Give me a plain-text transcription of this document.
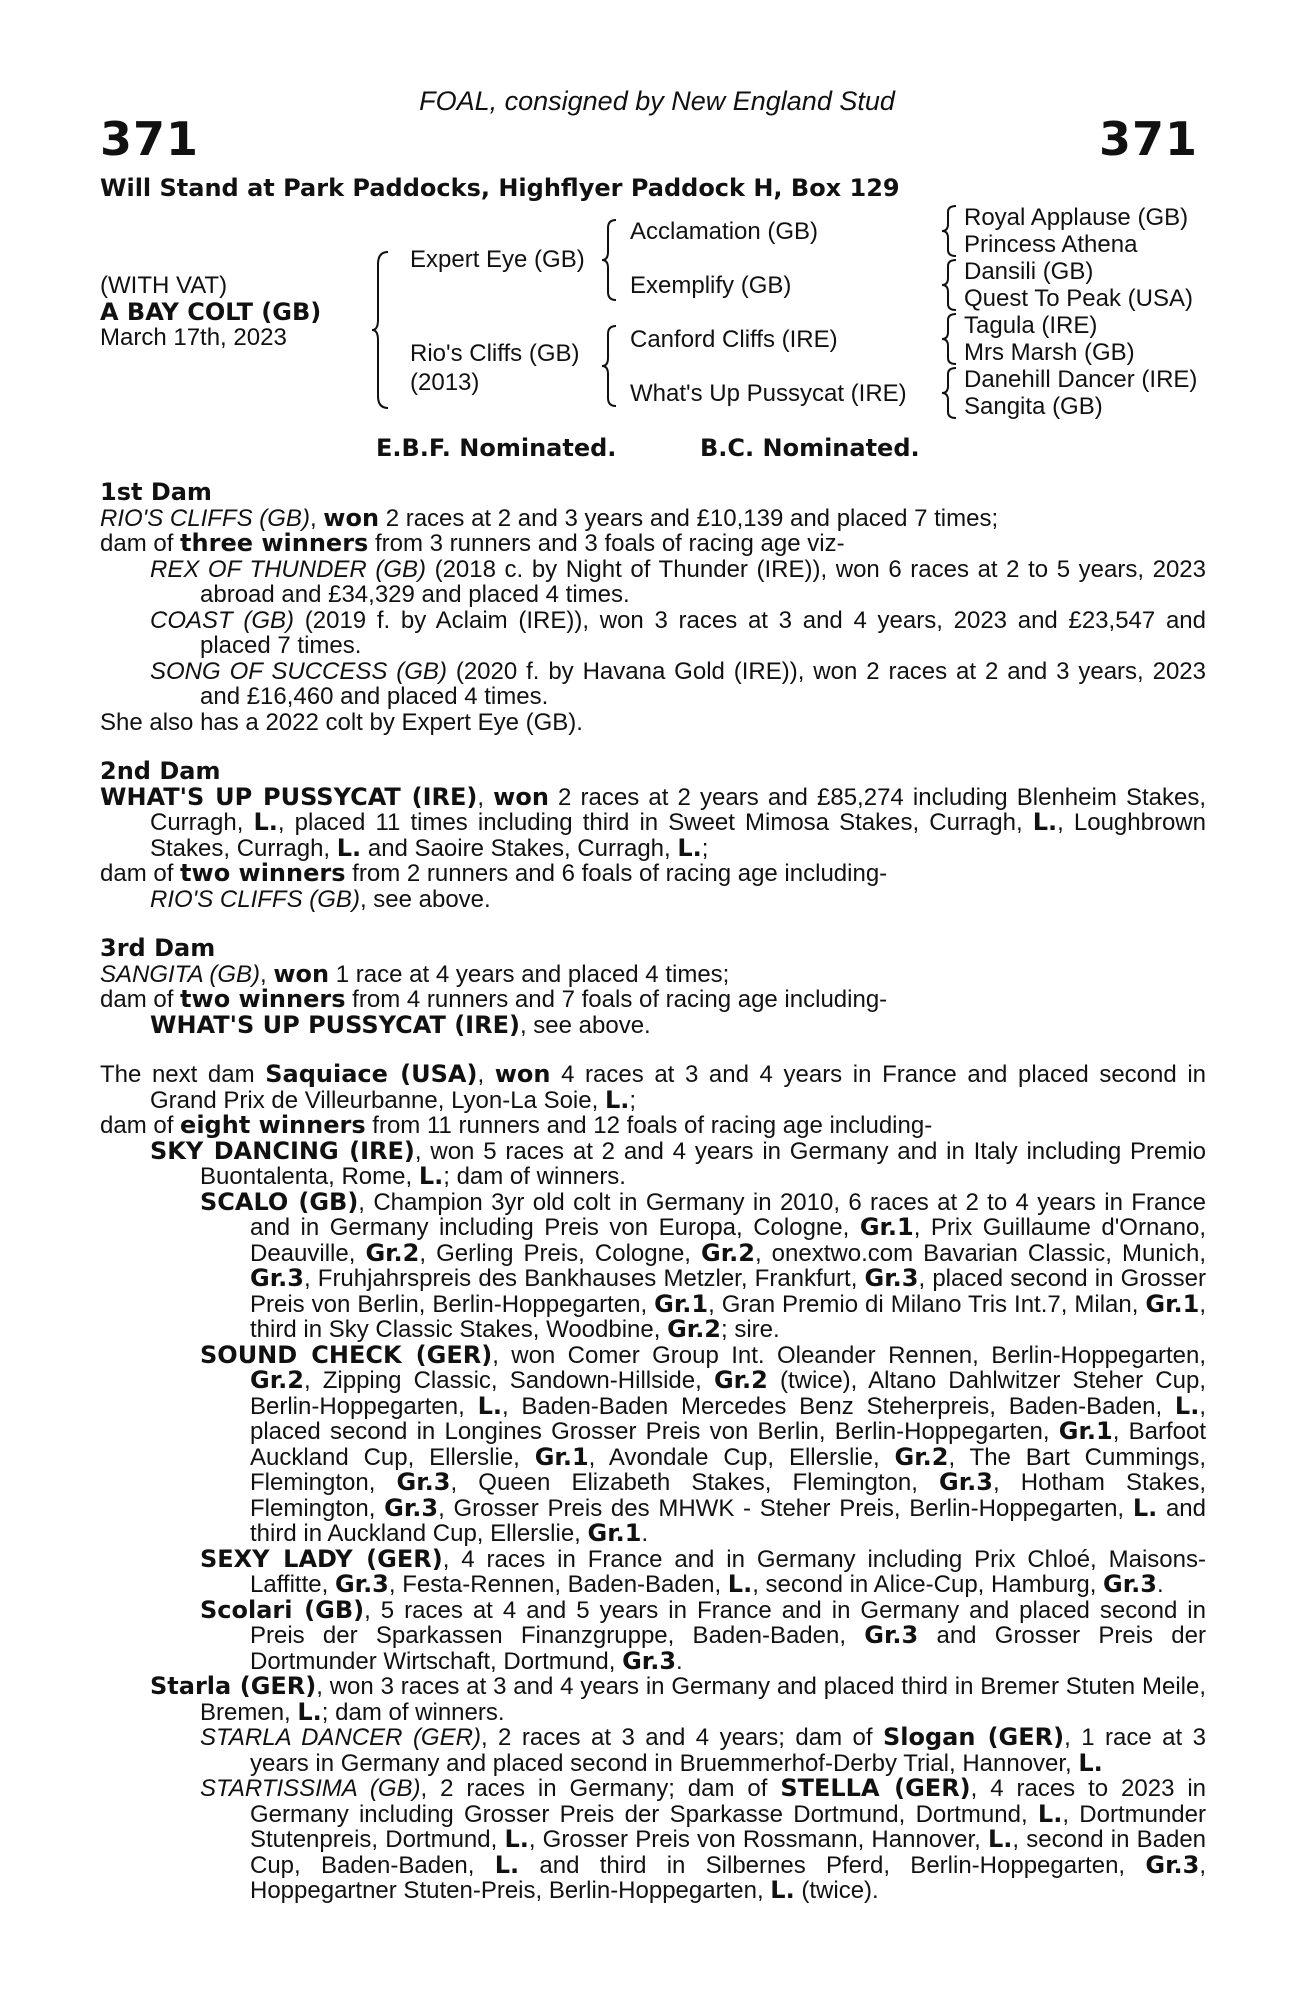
371
FOAL, consigned by New England Stud
371
Will Stand at Park Paddocks, Highflyer Paddock H, Box 129
(WITH VAT)
A BAY COLT (GB)
March 17th, 2023
Expert Eye (GB)
Rio's Cliffs (GB)
(2013)
Acclamation (GB)
Exemplify (GB)
Canford Cliffs (IRE)
What's Up Pussycat (IRE)
Royal Applause (GB)
Princess Athena
Dansili (GB)
Quest To Peak (USA)
Tagula (IRE)
Mrs Marsh (GB)
Danehill Dancer (IRE)
Sangita (GB)
E.B.F. Nominated.	B.C. Nominated.

1st Dam

RIO'S CLIFFS (GB), won 2 races at 2 and 3 years and £10,139 and placed 7 times;

dam of three winners from 3 runners and 3 foals of racing age viz-

REX OF THUNDER (GB) (2018 c. by Night of Thunder (IRE)), won 6 races at 2 to 5 years, 2023 abroad and £34,329 and placed 4 times.

COAST (GB) (2019 f. by Aclaim (IRE)), won 3 races at 3 and 4 years, 2023 and £23,547 and placed 7 times.

SONG OF SUCCESS (GB) (2020 f. by Havana Gold (IRE)), won 2 races at 2 and 3 years, 2023 and £16,460 and placed 4 times.

She also has a 2022 colt by Expert Eye (GB).

2nd Dam

WHAT'S UP PUSSYCAT (IRE), won 2 races at 2 years and £85,274 including Blenheim Stakes, Curragh, L., placed 11 times including third in Sweet Mimosa Stakes, Curragh, L., Loughbrown Stakes, Curragh, L. and Saoire Stakes, Curragh, L.;

dam of two winners from 2 runners and 6 foals of racing age including-

RIO'S CLIFFS (GB), see above.

3rd Dam

SANGITA (GB), won 1 race at 4 years and placed 4 times;

dam of two winners from 4 runners and 7 foals of racing age including-

WHAT'S UP PUSSYCAT (IRE), see above.

The next dam Saquiace (USA), won 4 races at 3 and 4 years in France and placed second in Grand Prix de Villeurbanne, Lyon-La Soie, L.;

dam of eight winners from 11 runners and 12 foals of racing age including-

SKY DANCING (IRE), won 5 races at 2 and 4 years in Germany and in Italy including Premio Buontalenta, Rome, L.; dam of winners.

SCALO (GB), Champion 3yr old colt in Germany in 2010, 6 races at 2 to 4 years in France and in Germany including Preis von Europa, Cologne, Gr.1, Prix Guillaume d'Ornano, Deauville, Gr.2, Gerling Preis, Cologne, Gr.2, onextwo.com Bavarian Classic, Munich, Gr.3, Fruhjahrspreis des Bankhauses Metzler, Frankfurt, Gr.3, placed second in Grosser Preis von Berlin, Berlin-Hoppegarten, Gr.1, Gran Premio di Milano Tris Int.7, Milan, Gr.1, third in Sky Classic Stakes, Woodbine, Gr.2; sire.

SOUND CHECK (GER), won Comer Group Int. Oleander Rennen, Berlin-Hoppegarten, Gr.2, Zipping Classic, Sandown-Hillside, Gr.2 (twice), Altano Dahlwitzer Steher Cup, Berlin-Hoppegarten, L., Baden-Baden Mercedes Benz Steherpreis, Baden-Baden, L., placed second in Longines Grosser Preis von Berlin, Berlin-Hoppegarten, Gr.1, Barfoot Auckland Cup, Ellerslie, Gr.1, Avondale Cup, Ellerslie, Gr.2, The Bart Cummings, Flemington, Gr.3, Queen Elizabeth Stakes, Flemington, Gr.3, Hotham Stakes, Flemington, Gr.3, Grosser Preis des MHWK - Steher Preis, Berlin-Hoppegarten, L. and third in Auckland Cup, Ellerslie, Gr.1.

SEXY LADY (GER), 4 races in France and in Germany including Prix Chloé, Maisons-Laffitte, Gr.3, Festa-Rennen, Baden-Baden, L., second in Alice-Cup, Hamburg, Gr.3.

Scolari (GB), 5 races at 4 and 5 years in France and in Germany and placed second in Preis der Sparkassen Finanzgruppe, Baden-Baden, Gr.3 and Grosser Preis der Dortmunder Wirtschaft, Dortmund, Gr.3.

Starla (GER), won 3 races at 3 and 4 years in Germany and placed third in Bremer Stuten Meile, Bremen, L.; dam of winners.

STARLA DANCER (GER), 2 races at 3 and 4 years; dam of Slogan (GER), 1 race at 3 years in Germany and placed second in Bruemmerhof-Derby Trial, Hannover, L.

STARTISSIMA (GB), 2 races in Germany; dam of STELLA (GER), 4 races to 2023 in Germany including Grosser Preis der Sparkasse Dortmund, Dortmund, L., Dortmunder Stutenpreis, Dortmund, L., Grosser Preis von Rossmann, Hannover, L., second in Baden Cup, Baden-Baden, L. and third in Silbernes Pferd, Berlin-Hoppegarten, Gr.3, Hoppegartner Stuten-Preis, Berlin-Hoppegarten, L. (twice).
